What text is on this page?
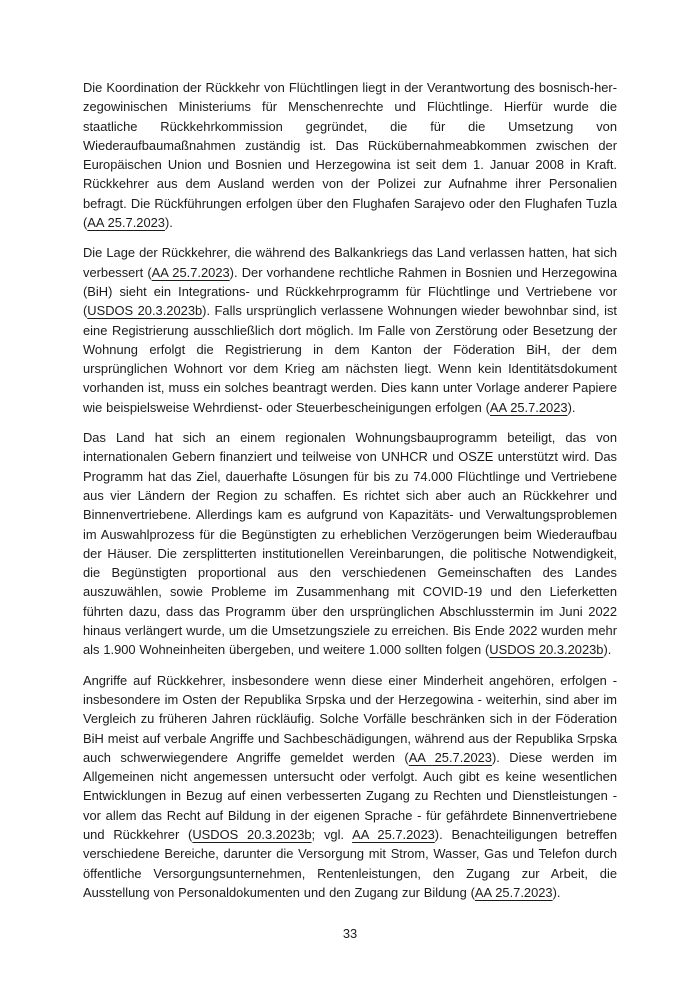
Die Koordination der Rückkehr von Flüchtlingen liegt in der Verantwortung des bosnisch-herzegowinischen Ministeriums für Menschenrechte und Flüchtlinge. Hierfür wurde die staatliche Rückkehrkommission gegründet, die für die Umsetzung von Wiederaufbaumaßnahmen zuständig ist. Das Rückübernahmeabkommen zwischen der Europäischen Union und Bosnien und Herzegowina ist seit dem 1. Januar 2008 in Kraft. Rückkehrer aus dem Ausland werden von der Polizei zur Aufnahme ihrer Personalien befragt. Die Rückführungen erfolgen über den Flughafen Sarajevo oder den Flughafen Tuzla (AA 25.7.2023).

Die Lage der Rückkehrer, die während des Balkankriegs das Land verlassen hatten, hat sich verbessert (AA 25.7.2023). Der vorhandene rechtliche Rahmen in Bosnien und Herzegowina (BiH) sieht ein Integrations- und Rückkehrprogramm für Flüchtlinge und Vertriebene vor (USDOS 20.3.2023b). Falls ursprünglich verlassene Wohnungen wieder bewohnbar sind, ist eine Registrierung ausschließlich dort möglich. Im Falle von Zerstörung oder Besetzung der Wohnung erfolgt die Registrierung in dem Kanton der Föderation BiH, der dem ursprünglichen Wohnort vor dem Krieg am nächsten liegt. Wenn kein Identitätsdokument vorhanden ist, muss ein solches beantragt werden. Dies kann unter Vorlage anderer Papiere wie beispielsweise Wehrdienst- oder Steuerbescheinigungen erfolgen (AA 25.7.2023).

Das Land hat sich an einem regionalen Wohnungsbauprogramm beteiligt, das von internationalen Gebern finanziert und teilweise von UNHCR und OSZE unterstützt wird. Das Programm hat das Ziel, dauerhafte Lösungen für bis zu 74.000 Flüchtlinge und Vertriebene aus vier Ländern der Region zu schaffen. Es richtet sich aber auch an Rückkehrer und Binnenvertriebene. Allerdings kam es aufgrund von Kapazitäts- und Verwaltungsproblemen im Auswahlprozess für die Begünstigten zu erheblichen Verzögerungen beim Wiederaufbau der Häuser. Die zersplitterten institutionellen Vereinbarungen, die politische Notwendigkeit, die Begünstigten proportional aus den verschiedenen Gemeinschaften des Landes auszuwählen, sowie Probleme im Zusammenhang mit COVID-19 und den Lieferketten führten dazu, dass das Programm über den ursprünglichen Abschlusstermin im Juni 2022 hinaus verlängert wurde, um die Umsetzungsziele zu erreichen. Bis Ende 2022 wurden mehr als 1.900 Wohneinheiten übergeben, und weitere 1.000 sollten folgen (USDOS 20.3.2023b).

Angriffe auf Rückkehrer, insbesondere wenn diese einer Minderheit angehören, erfolgen - insbesondere im Osten der Republika Srpska und der Herzegowina - weiterhin, sind aber im Vergleich zu früheren Jahren rückläufig. Solche Vorfälle beschränken sich in der Föderation BiH meist auf verbale Angriffe und Sachbeschädigungen, während aus der Republika Srpska auch schwerwiegendere Angriffe gemeldet werden (AA 25.7.2023). Diese werden im Allgemeinen nicht angemessen untersucht oder verfolgt. Auch gibt es keine wesentlichen Entwicklungen in Bezug auf einen verbesserten Zugang zu Rechten und Dienstleistungen - vor allem das Recht auf Bildung in der eigenen Sprache - für gefährdete Binnenvertriebene und Rückkehrer (USDOS 20.3.2023b; vgl. AA 25.7.2023). Benachteiligungen betreffen verschiedene Bereiche, darunter die Versorgung mit Strom, Wasser, Gas und Telefon durch öffentliche Versorgungsunternehmen, Rentenleistungen, den Zugang zur Arbeit, die Ausstellung von Personaldokumenten und den Zugang zur Bildung (AA 25.7.2023).

33
